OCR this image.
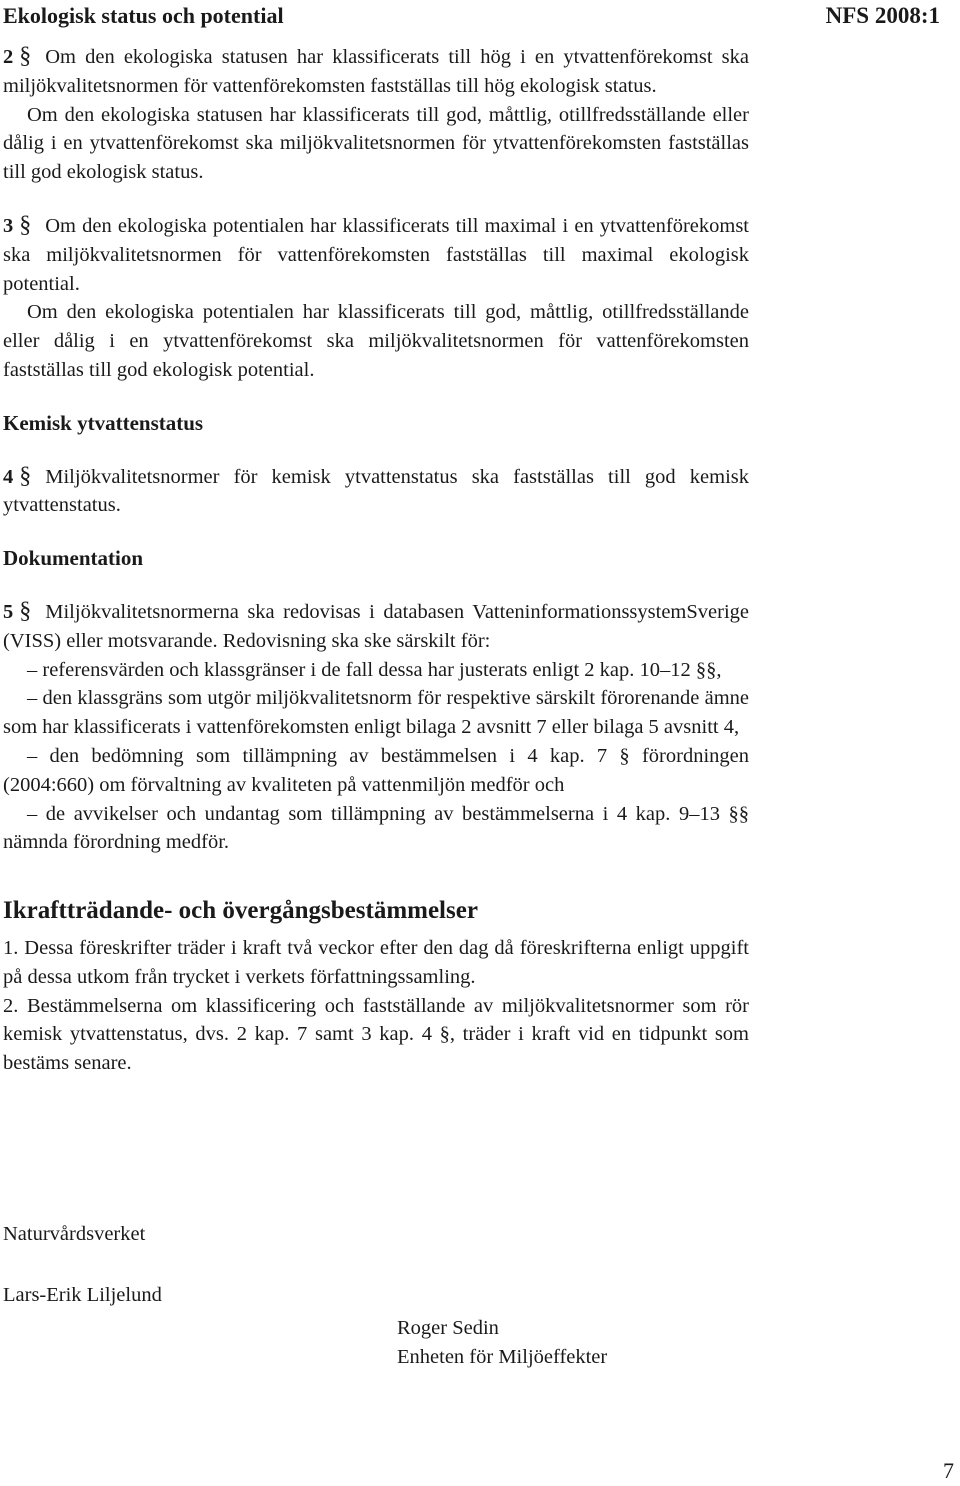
Ekologisk status och potential	NFS 2008:1

2 § Om den ekologiska statusen har klassificerats till hög i en ytvattenförekomst ska miljökvalitetsnormen för vattenförekomsten fastställas till hög ekologisk status.

Om den ekologiska statusen har klassificerats till god, måttlig, otillfredsställande eller dålig i en ytvattenförekomst ska miljökvalitetsnormen för ytvattenförekomsten fastställas till god ekologisk status.

3 § Om den ekologiska potentialen har klassificerats till maximal i en ytvattenförekomst ska miljökvalitetsnormen för vattenförekomsten fastställas till maximal ekologisk potential.

Om den ekologiska potentialen har klassificerats till god, måttlig, otillfredsställande eller dålig i en ytvattenförekomst ska miljökvalitetsnormen för vattenförekomsten fastställas till god ekologisk potential.

Kemisk ytvattenstatus

4 § Miljökvalitetsnormer för kemisk ytvattenstatus ska fastställas till god kemisk ytvattenstatus.

Dokumentation

5 § Miljökvalitetsnormerna ska redovisas i databasen VatteninformationssystemSverige (VISS) eller motsvarande. Redovisning ska ske särskilt för:

– referensvärden och klassgränser i de fall dessa har justerats enligt 2 kap. 10–12 §§,

– den klassgräns som utgör miljökvalitetsnorm för respektive särskilt förorenande ämne som har klassificerats i vattenförekomsten enligt bilaga 2 avsnitt 7 eller bilaga 5 avsnitt 4,

– den bedömning som tillämpning av bestämmelsen i 4 kap. 7 § förordningen (2004:660) om förvaltning av kvaliteten på vattenmiljön medför och

– de avvikelser och undantag som tillämpning av bestämmelserna i 4 kap. 9–13 §§ nämnda förordning medför.

Ikraftträdande- och övergångsbestämmelser

1. Dessa föreskrifter träder i kraft två veckor efter den dag då föreskrifterna enligt uppgift på dessa utkom från trycket i verkets författningssamling.

2. Bestämmelserna om klassificering och fastställande av miljökvalitetsnormer som rör kemisk ytvattenstatus, dvs. 2 kap. 7 samt 3 kap. 4 §, träder i kraft vid en tidpunkt som bestäms senare.

Naturvårdsverket
Lars-Erik Liljelund
Roger Sedin
Enheten för Miljöeffekter
7
